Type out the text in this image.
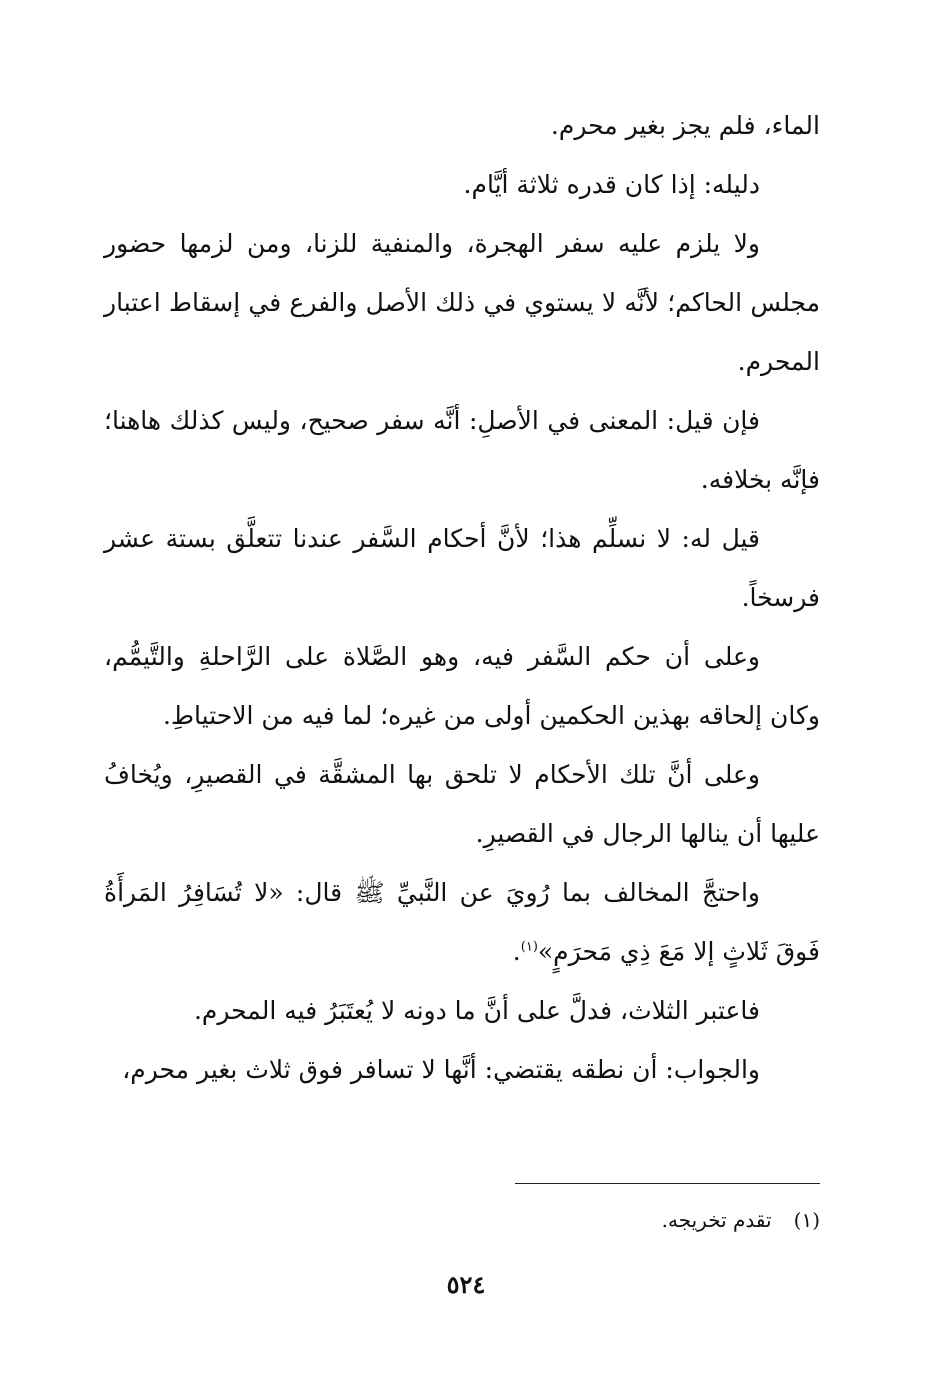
الماء، فلم يجز بغير محرم.

دليله: إذا كان قدره ثلاثة أيَّام.

ولا يلزم عليه سفر الهجرة، والمنفية للزنا، ومن لزمها حضور مجلس الحاكم؛ لأنَّه لا يستوي في ذلك الأصل والفرع في إسقاط اعتبار المحرم.

فإن قيل: المعنى في الأصلِ: أنَّه سفر صحيح، وليس كذلك هاهنا؛ فإنَّه بخلافه.

قيل له: لا نسلِّم هذا؛ لأنَّ أحكام السَّفر عندنا تتعلَّق بستة عشر فرسخاً.

وعلى أن حكم السَّفر فيه، وهو الصَّلاة على الرَّاحلةِ والتَّيمُّم، وكان إلحاقه بهذين الحكمين أولى من غيره؛ لما فيه من الاحتياطِ.

وعلى أنَّ تلك الأحكام لا تلحق بها المشقَّة في القصيرِ، ويُخافُ عليها أن ينالها الرجال في القصيرِ.

واحتجَّ المخالف بما رُويَ عن النَّبيِّ ﷺ قال: «لا تُسَافِرُ المَرأَةُ فَوقَ ثَلاثٍ إلا مَعَ ذِي مَحرَمٍ»$^{(١)}$.

فاعتبر الثلاث، فدلَّ على أنَّ ما دونه لا يُعتَبَرُ فيه المحرم.

والجواب: أن نطقه يقتضي: أنَّها لا تسافر فوق ثلاث بغير محرم،

(١)تقدم تخريجه.
٥٢٤
